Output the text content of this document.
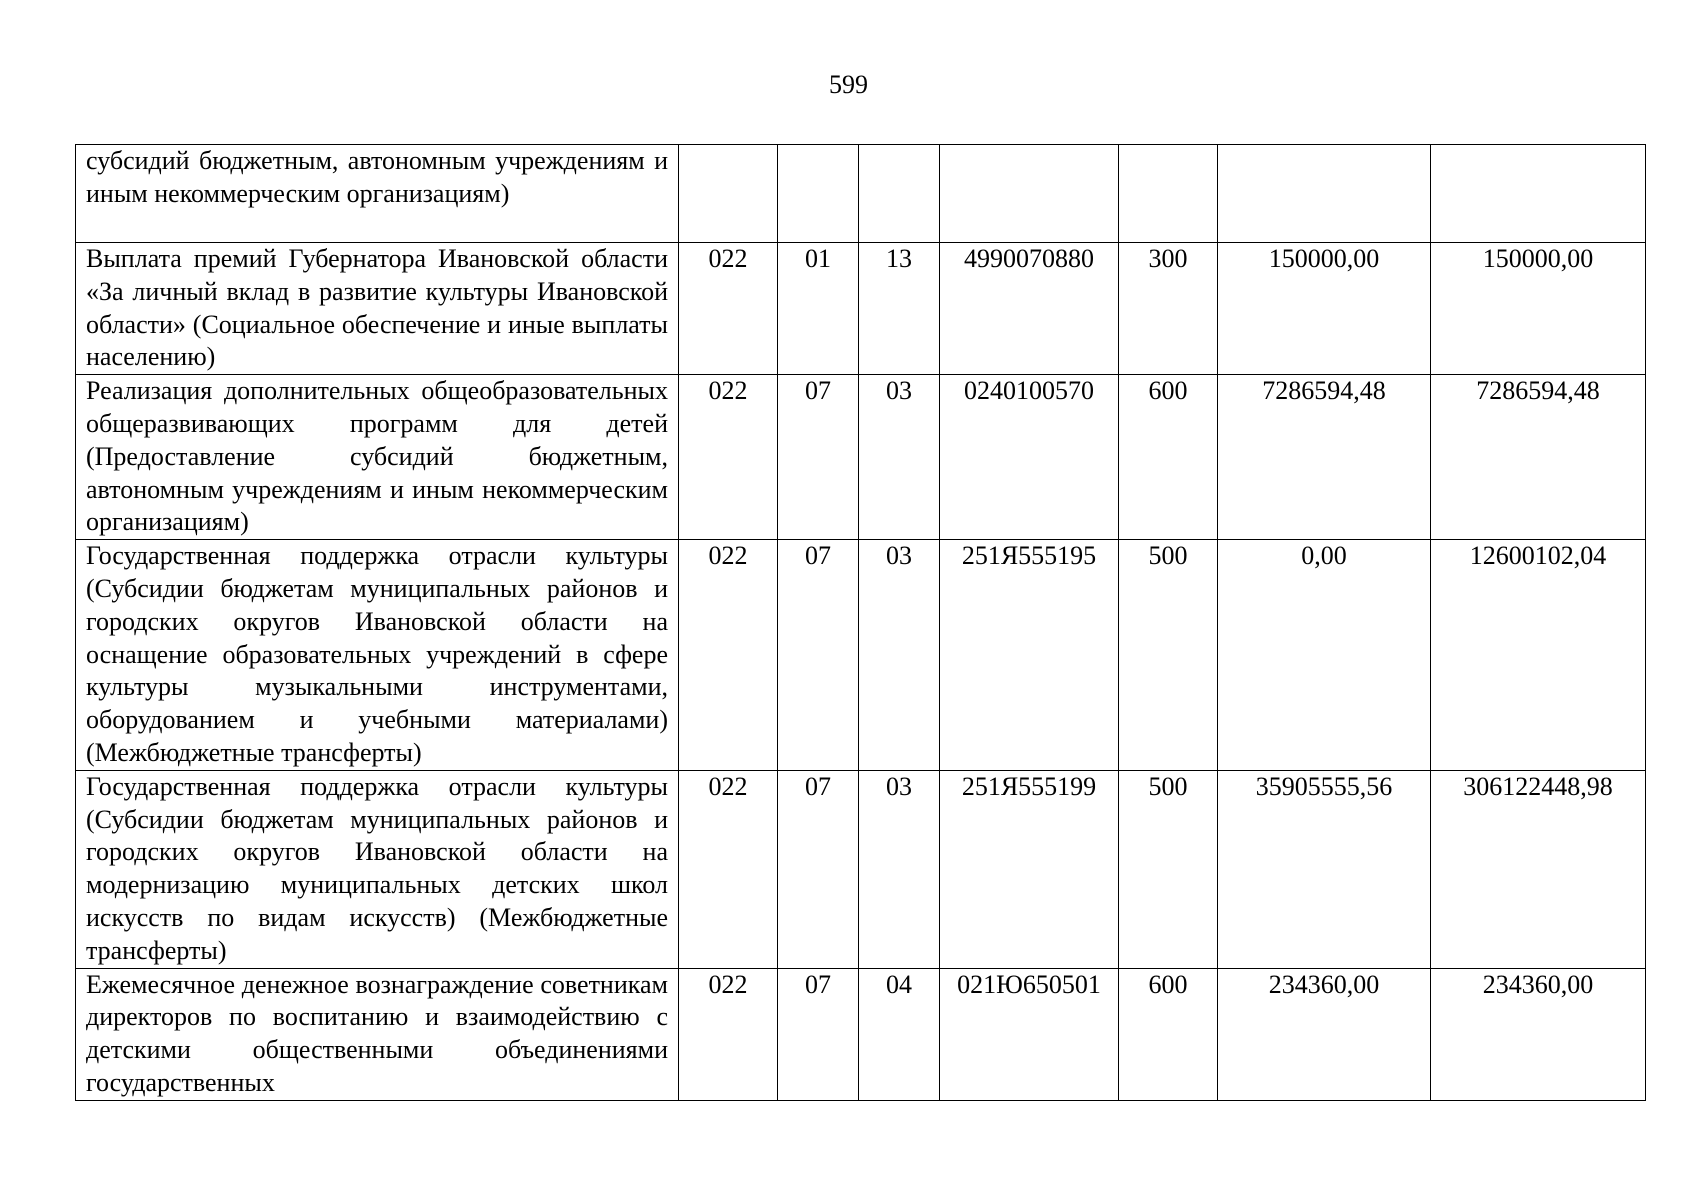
599
субсидий бюджетным, автономным учреждениям и иным некоммерческим организациям)							
Выплата премий Губернатора Ивановской области «За личный вклад в развитие культуры Ивановской области» (Социальное обеспечение и иные выплаты населению)	022	01	13	4990070880	300	150000,00	150000,00
Реализация дополнительных общеобразовательных общеразвивающих программ для детей (Предоставление субсидий бюджетным, автономным учреждениям и иным некоммерческим организациям)	022	07	03	0240100570	600	7286594,48	7286594,48
Государственная поддержка отрасли культуры (Субсидии бюджетам муниципальных районов и городских округов Ивановской области на оснащение образовательных учреждений в сфере культуры музыкальными инструментами, оборудованием и учебными материалами) (Межбюджетные трансферты)	022	07	03	251Я555195	500	0,00	12600102,04
Государственная поддержка отрасли культуры (Субсидии бюджетам муниципальных районов и городских округов Ивановской области на модернизацию муниципальных детских школ искусств по видам искусств) (Межбюджетные трансферты)	022	07	03	251Я555199	500	35905555,56	306122448,98
Ежемесячное денежное вознаграждение советникам директоров по воспитанию и взаимодействию с детскими общественными объединениями государственных	022	07	04	021Ю650501	600	234360,00	234360,00
